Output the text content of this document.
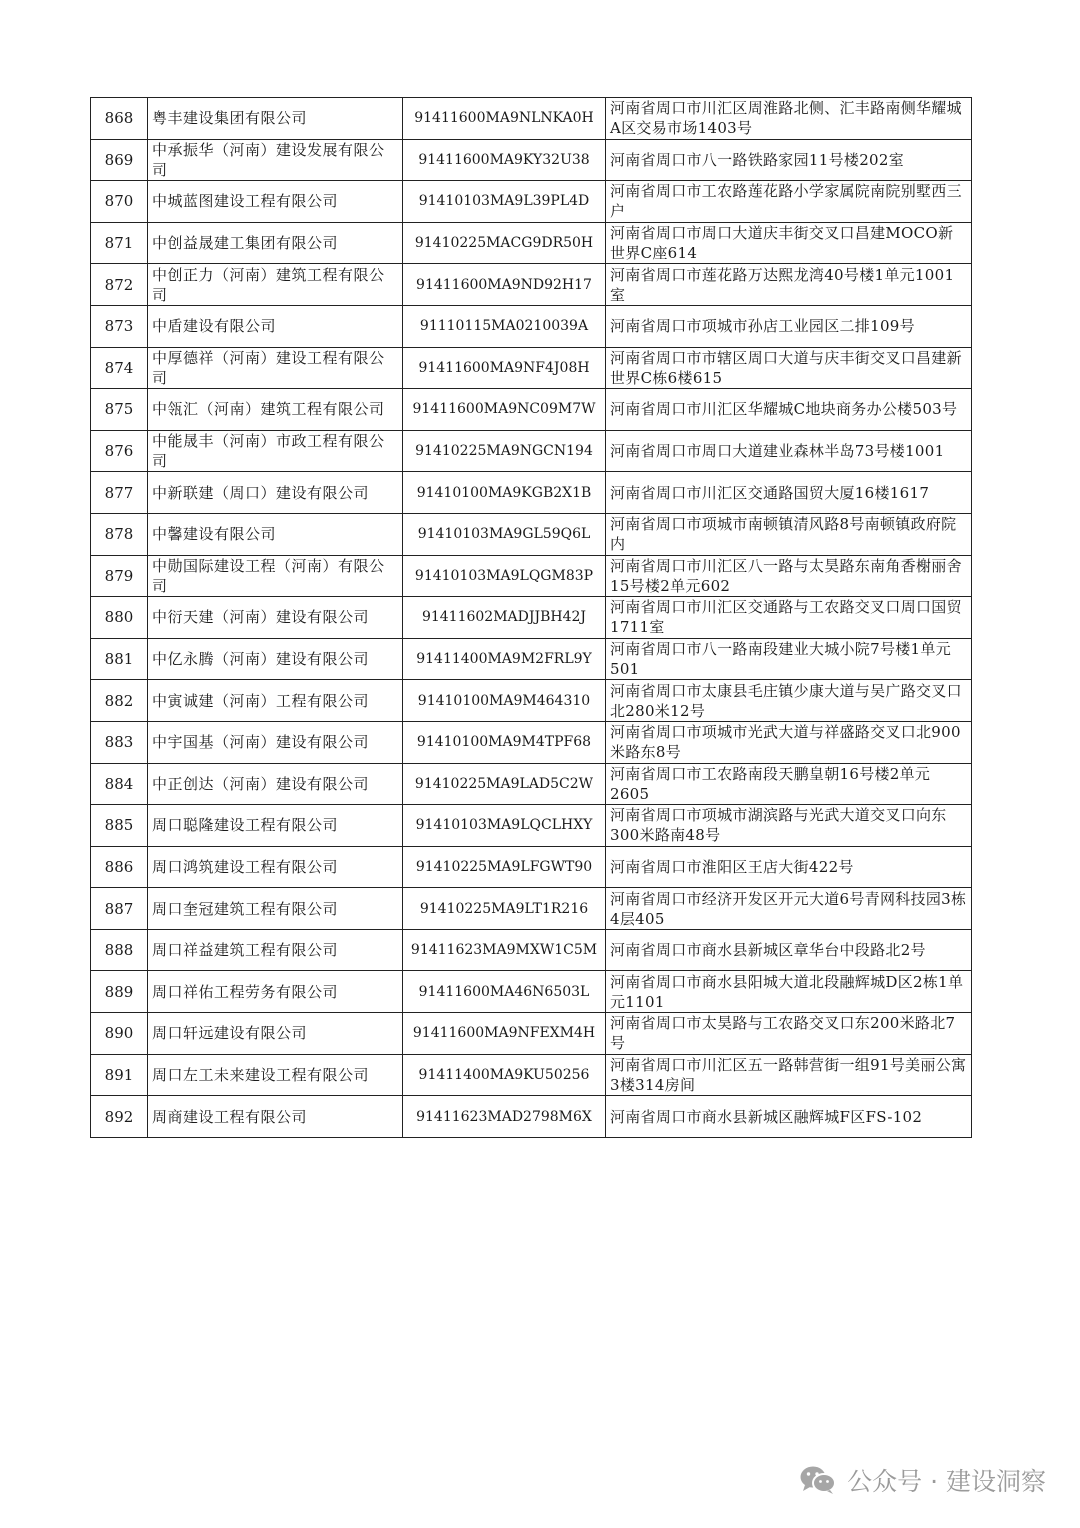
868	粤丰建设集团有限公司	91411600MA9NLNKA0H	河南省周口市川汇区周淮路北侧、汇丰路南侧华耀城A区交易市场1403号
869	中承振华（河南）建设发展有限公司	91411600MA9KY32U38	河南省周口市八一路铁路家园11号楼202室
870	中城蓝图建设工程有限公司	91410103MA9L39PL4D	河南省周口市工农路莲花路小学家属院南院别墅西三户
871	中创益晟建工集团有限公司	91410225MACG9DR50H	河南省周口市周口大道庆丰街交叉口昌建MOCO新世界C座614
872	中创正力（河南）建筑工程有限公司	91411600MA9ND92H17	河南省周口市莲花路万达熙龙湾40号楼1单元1001室
873	中盾建设有限公司	91110115MA0210039A	河南省周口市项城市孙店工业园区二排109号
874	中厚德祥（河南）建设工程有限公司	91411600MA9NF4J08H	河南省周口市市辖区周口大道与庆丰街交叉口昌建新世界C栋6楼615
875	中瓴汇（河南）建筑工程有限公司	91411600MA9NC09M7W	河南省周口市川汇区华耀城C地块商务办公楼503号
876	中能晟丰（河南）市政工程有限公司	91410225MA9NGCN194	河南省周口市周口大道建业森林半岛73号楼1001
877	中新联建（周口）建设有限公司	91410100MA9KGB2X1B	河南省周口市川汇区交通路国贸大厦16楼1617
878	中馨建设有限公司	91410103MA9GL59Q6L	河南省周口市项城市南顿镇清风路8号南顿镇政府院内
879	中勋国际建设工程（河南）有限公司	91410103MA9LQGM83P	河南省周口市川汇区八一路与太昊路东南角香榭丽舍15号楼2单元602
880	中衍天建（河南）建设有限公司	91411602MADJJBH42J	河南省周口市川汇区交通路与工农路交叉口周口国贸1711室
881	中亿永腾（河南）建设有限公司	91411400MA9M2FRL9Y	河南省周口市八一路南段建业大城小院7号楼1单元501
882	中寅诚建（河南）工程有限公司	91410100MA9M464310	河南省周口市太康县毛庄镇少康大道与吴广路交叉口北280米12号
883	中宇国基（河南）建设有限公司	91410100MA9M4TPF68	河南省周口市项城市光武大道与祥盛路交叉口北900米路东8号
884	中正创达（河南）建设有限公司	91410225MA9LAD5C2W	河南省周口市工农路南段天鹏皇朝16号楼2单元2605
885	周口聪隆建设工程有限公司	91410103MA9LQCLHXY	河南省周口市项城市湖滨路与光武大道交叉口向东300米路南48号
886	周口鸿筑建设工程有限公司	91410225MA9LFGWT90	河南省周口市淮阳区王店大街422号
887	周口奎冠建筑工程有限公司	91410225MA9LT1R216	河南省周口市经济开发区开元大道6号青网科技园3栋4层405
888	周口祥益建筑工程有限公司	91411623MA9MXW1C5M	河南省周口市商水县新城区章华台中段路北2号
889	周口祥佑工程劳务有限公司	91411600MA46N6503L	河南省周口市商水县阳城大道北段融辉城D区2栋1单元1101
890	周口轩远建设有限公司	91411600MA9NFEXM4H	河南省周口市太昊路与工农路交叉口东200米路北7号
891	周口左工未来建设工程有限公司	91411400MA9KU50256	河南省周口市川汇区五一路韩营街一组91号美丽公寓3楼314房间
892	周商建设工程有限公司	91411623MAD2798M6X	河南省周口市商水县新城区融辉城F区FS-102
公众号 · 建设洞察
